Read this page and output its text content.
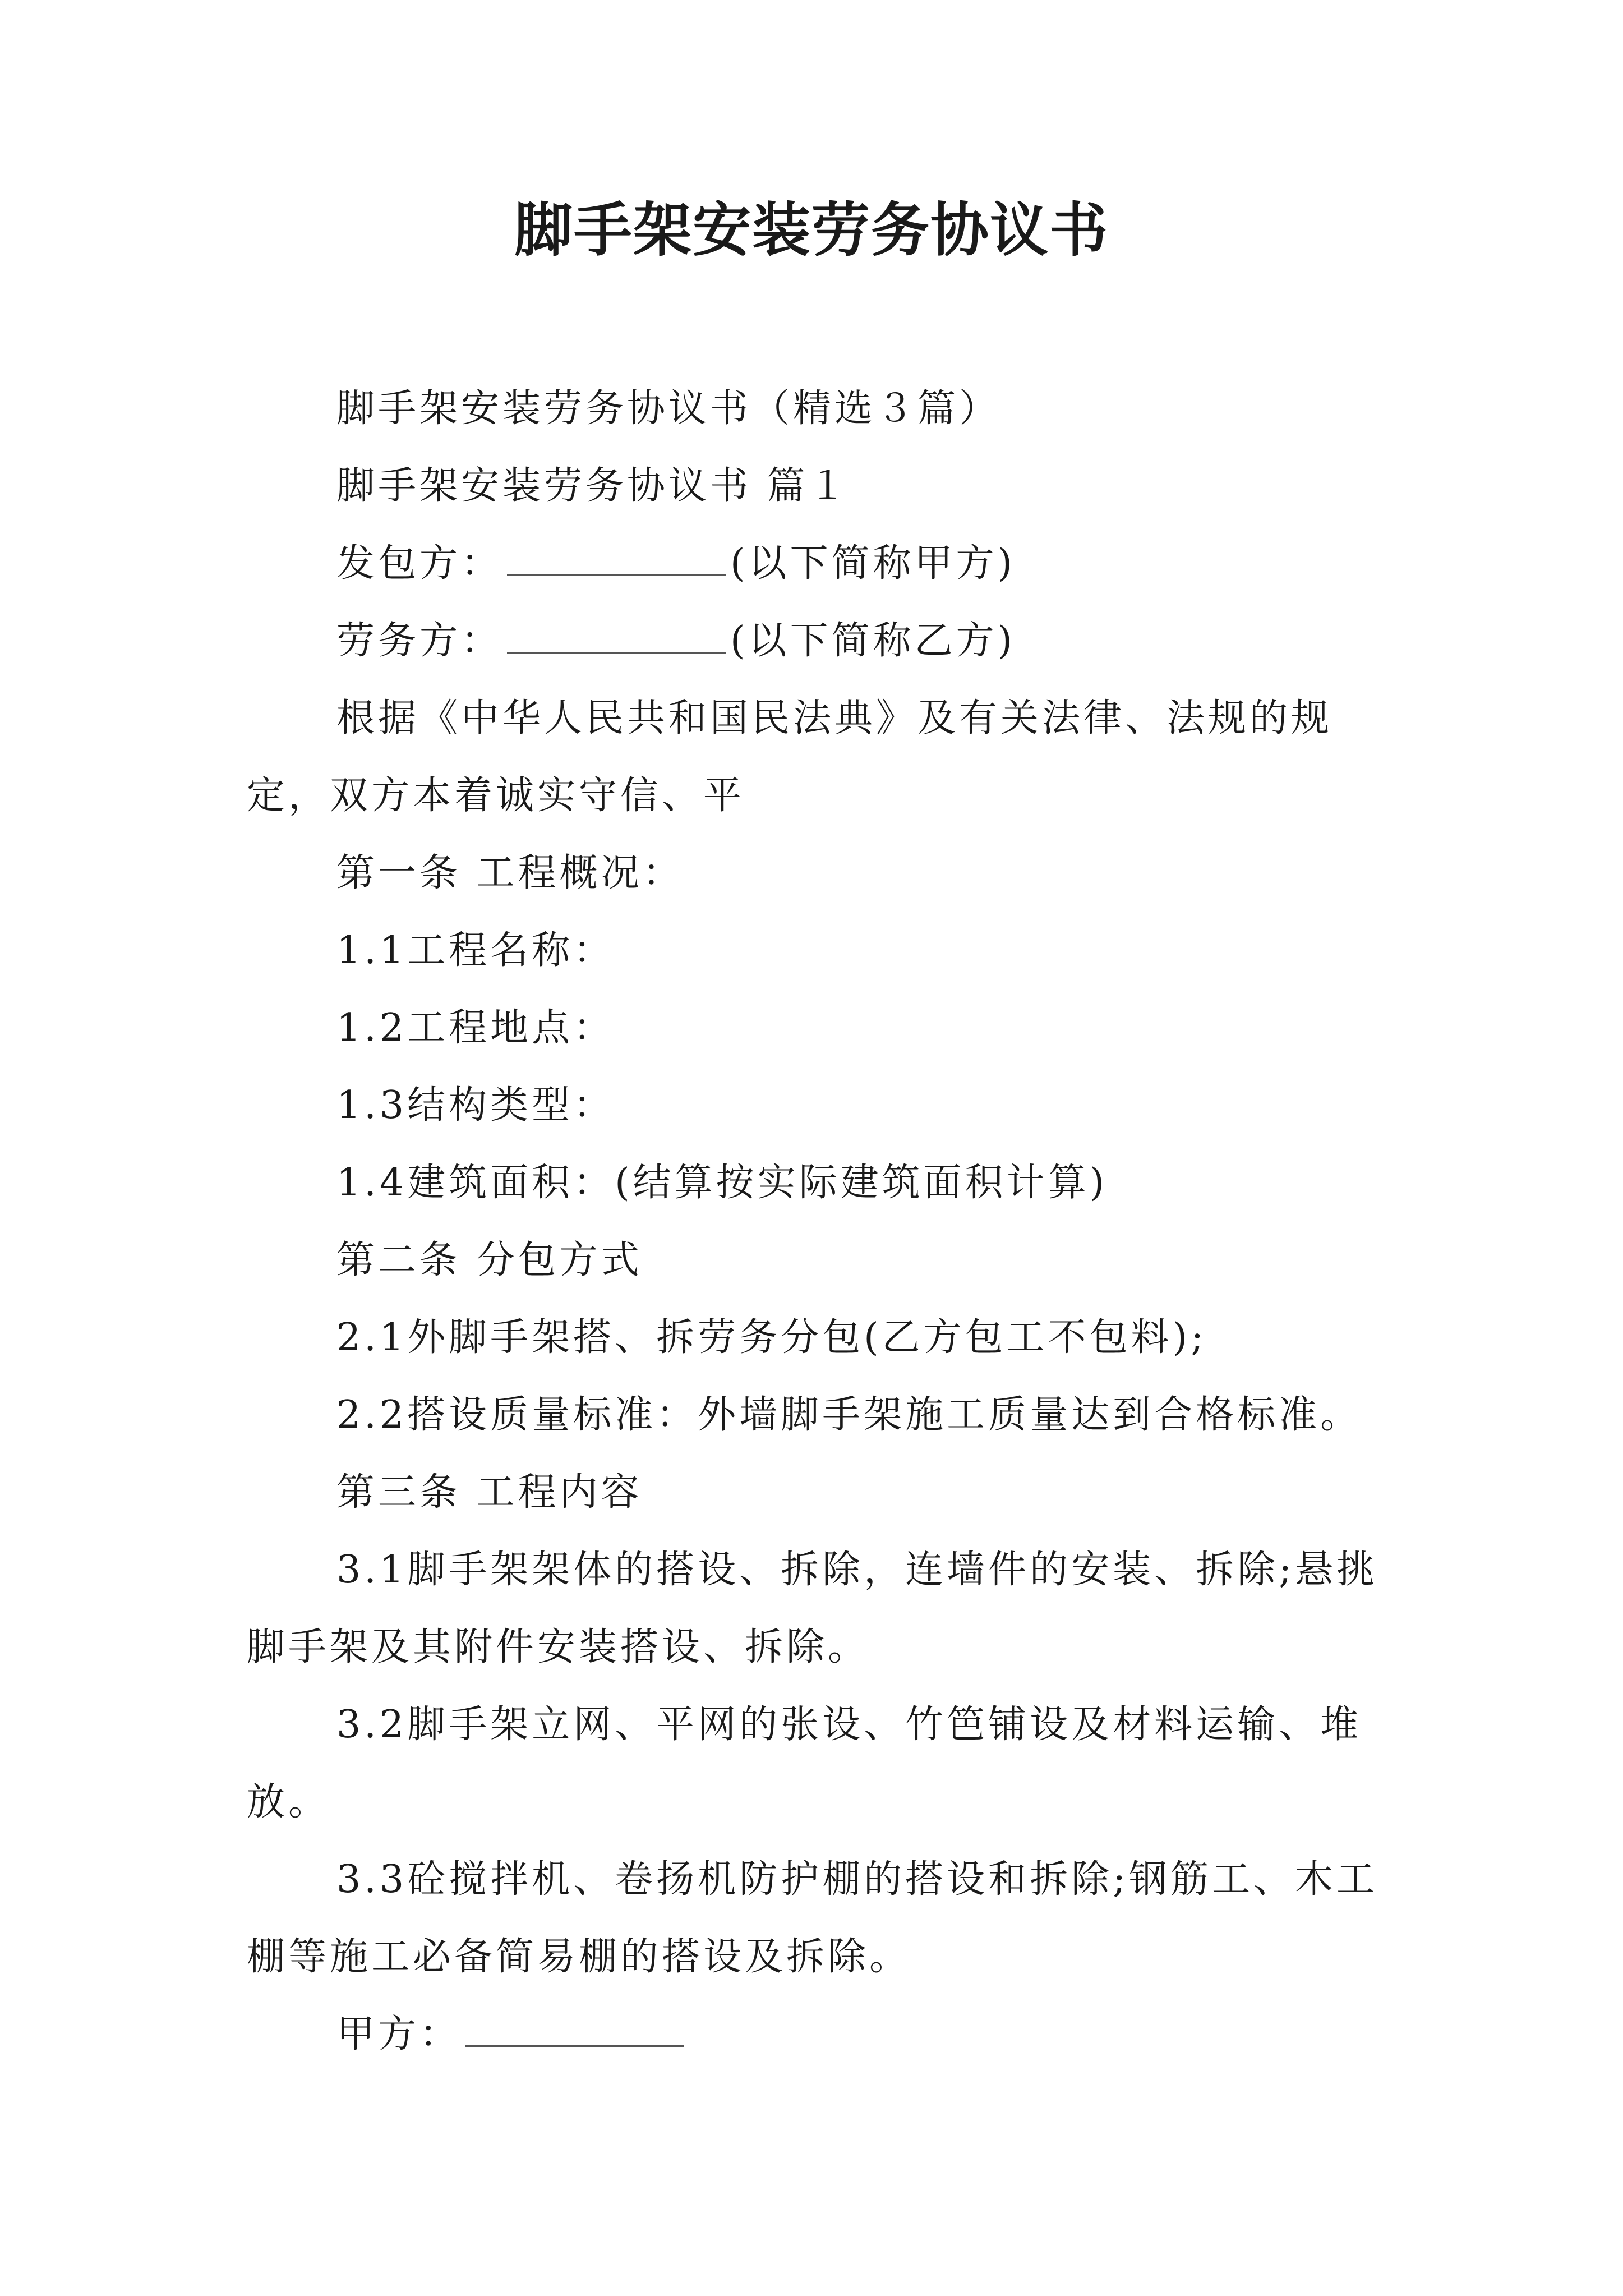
脚手架安装劳务协议书

脚手架安装劳务协议书（精选３篇）

脚手架安装劳务协议书 篇１

发包方：	(以下简称甲方)

劳务方：	(以下简称乙方)

根据《中华人民共和国民法典》及有关法律、法规的规定，双方本着诚实守信、平

第一条 工程概况：

1.1工程名称：

1.2工程地点：

1.3结构类型：

1.4建筑面积：(结算按实际建筑面积计算)

第二条 分包方式

2.1外脚手架搭、拆劳务分包(乙方包工不包料);

2.2搭设质量标准：外墙脚手架施工质量达到合格标准。

第三条 工程内容

3.1脚手架架体的搭设、拆除，连墙件的安装、拆除;悬挑脚手架及其附件安装搭设、拆除。

3.2脚手架立网、平网的张设、竹笆铺设及材料运输、堆放。

3.3砼搅拌机、卷扬机防护棚的搭设和拆除;钢筋工、木工棚等施工必备简易棚的搭设及拆除。

甲方：
